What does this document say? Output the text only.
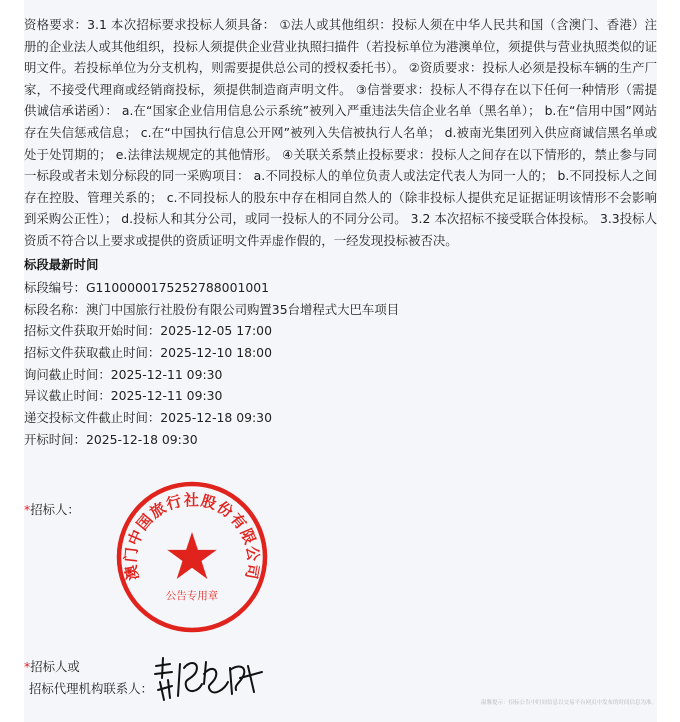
资格要求：3.1 本次招标要求投标人须具备： ①法人或其他组织：投标人须在中华人民共和国（含澳门、香港）注册的企业法人或其他组织，投标人须提供企业营业执照扫描件（若投标单位为港澳单位，须提供与营业执照类似的证明文件。若投标单位为分支机构，则需要提供总公司的授权委托书）。 ②资质要求：投标人必须是投标车辆的生产厂家，不接受代理商或经销商投标，须提供制造商声明文件。 ③信誉要求：投标人不得存在以下任何一种情形（需提供诚信承诺函）： a.在“国家企业信用信息公示系统”被列入严重违法失信企业名单（黑名单）； b.在“信用中国”网站存在失信惩戒信息； c.在“中国执行信息公开网”被列入失信被执行人名单； d.被南光集团列入供应商诚信黑名单或处于处罚期的； e.法律法规规定的其他情形。 ④关联关系禁止投标要求：投标人之间存在以下情形的，禁止参与同一标段或者未划分标段的同一采购项目： a.不同投标人的单位负责人或法定代表人为同一人的； b.不同投标人之间存在控股、管理关系的； c.不同投标人的股东中存在相同自然人的（除非投标人提供充足证据证明该情形不会影响到采购公正性）； d.投标人和其分公司，或同一投标人的不同分公司。 3.2 本次招标不接受联合体投标。 3.3投标人资质不符合以上要求或提供的资质证明文件弄虚作假的，一经发现投标被否决。
标段最新时间
标段编号：G1100000175252788001001
标段名称：澳门中国旅行社股份有限公司购置35台增程式大巴车项目
招标文件获取开始时间：2025-12-05 17:00
招标文件获取截止时间：2025-12-10 18:00
询问截止时间：2025-12-11 09:30
异议截止时间：2025-12-11 09:30
递交投标文件截止时间：2025-12-18 09:30
开标时间：2025-12-18 09:30
*招标人：
澳门中国旅行社股份有限公司
公告专用章
*招标人或
招标代理机构联系人：
温馨提示：招标公告中时间信息以交易平台网页中发布的时间信息为准。
